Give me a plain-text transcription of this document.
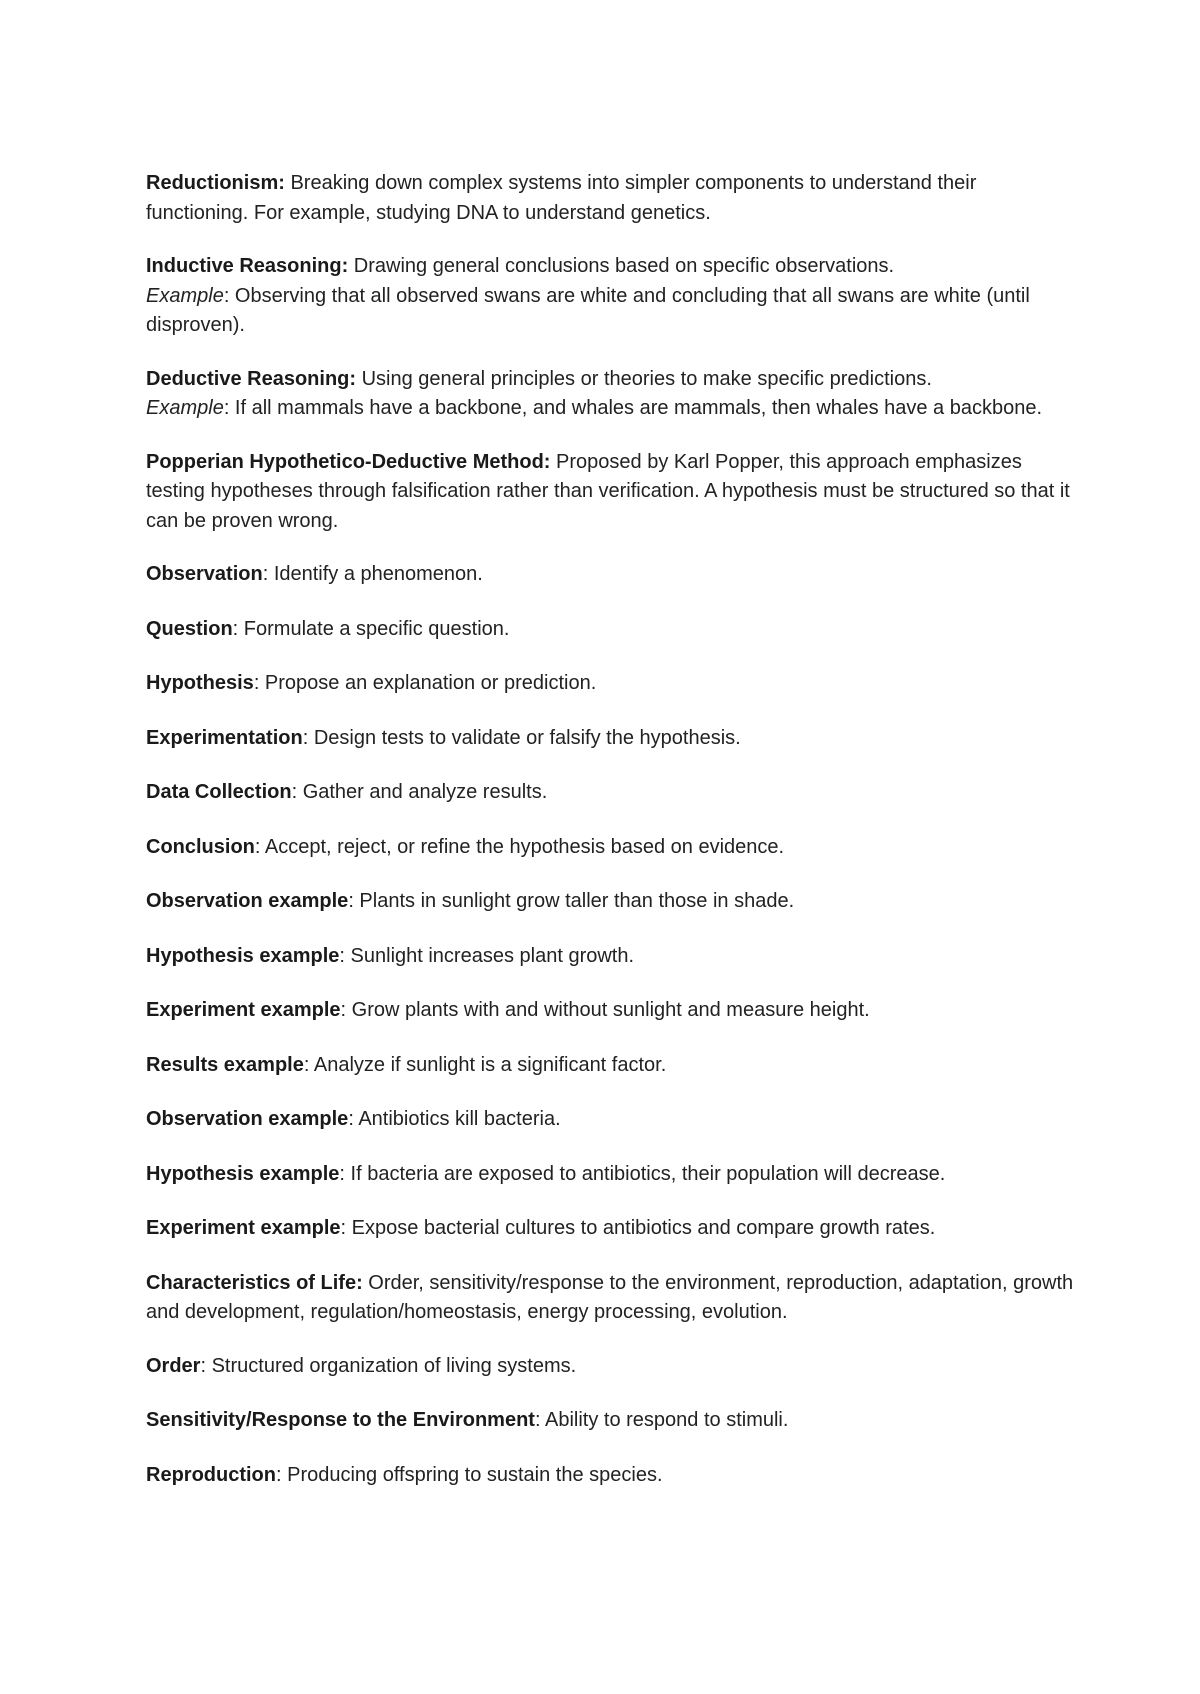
Reductionism: Breaking down complex systems into simpler components to understand their functioning. For example, studying DNA to understand genetics.

Inductive Reasoning: Drawing general conclusions based on specific observations.
Example: Observing that all observed swans are white and concluding that all swans are white (until disproven).

Deductive Reasoning: Using general principles or theories to make specific predictions.
Example: If all mammals have a backbone, and whales are mammals, then whales have a backbone.

Popperian Hypothetico-Deductive Method: Proposed by Karl Popper, this approach emphasizes testing hypotheses through falsification rather than verification. A hypothesis must be structured so that it can be proven wrong.

Observation: Identify a phenomenon.

Question: Formulate a specific question.

Hypothesis: Propose an explanation or prediction.

Experimentation: Design tests to validate or falsify the hypothesis.

Data Collection: Gather and analyze results.

Conclusion: Accept, reject, or refine the hypothesis based on evidence.

Observation example: Plants in sunlight grow taller than those in shade.

Hypothesis example: Sunlight increases plant growth.

Experiment example: Grow plants with and without sunlight and measure height.

Results example: Analyze if sunlight is a significant factor.

Observation example: Antibiotics kill bacteria.

Hypothesis example: If bacteria are exposed to antibiotics, their population will decrease.

Experiment example: Expose bacterial cultures to antibiotics and compare growth rates.

Characteristics of Life: Order, sensitivity/response to the environment, reproduction, adaptation, growth and development, regulation/homeostasis, energy processing, evolution.

Order: Structured organization of living systems.

Sensitivity/Response to the Environment: Ability to respond to stimuli.

Reproduction: Producing offspring to sustain the species.
